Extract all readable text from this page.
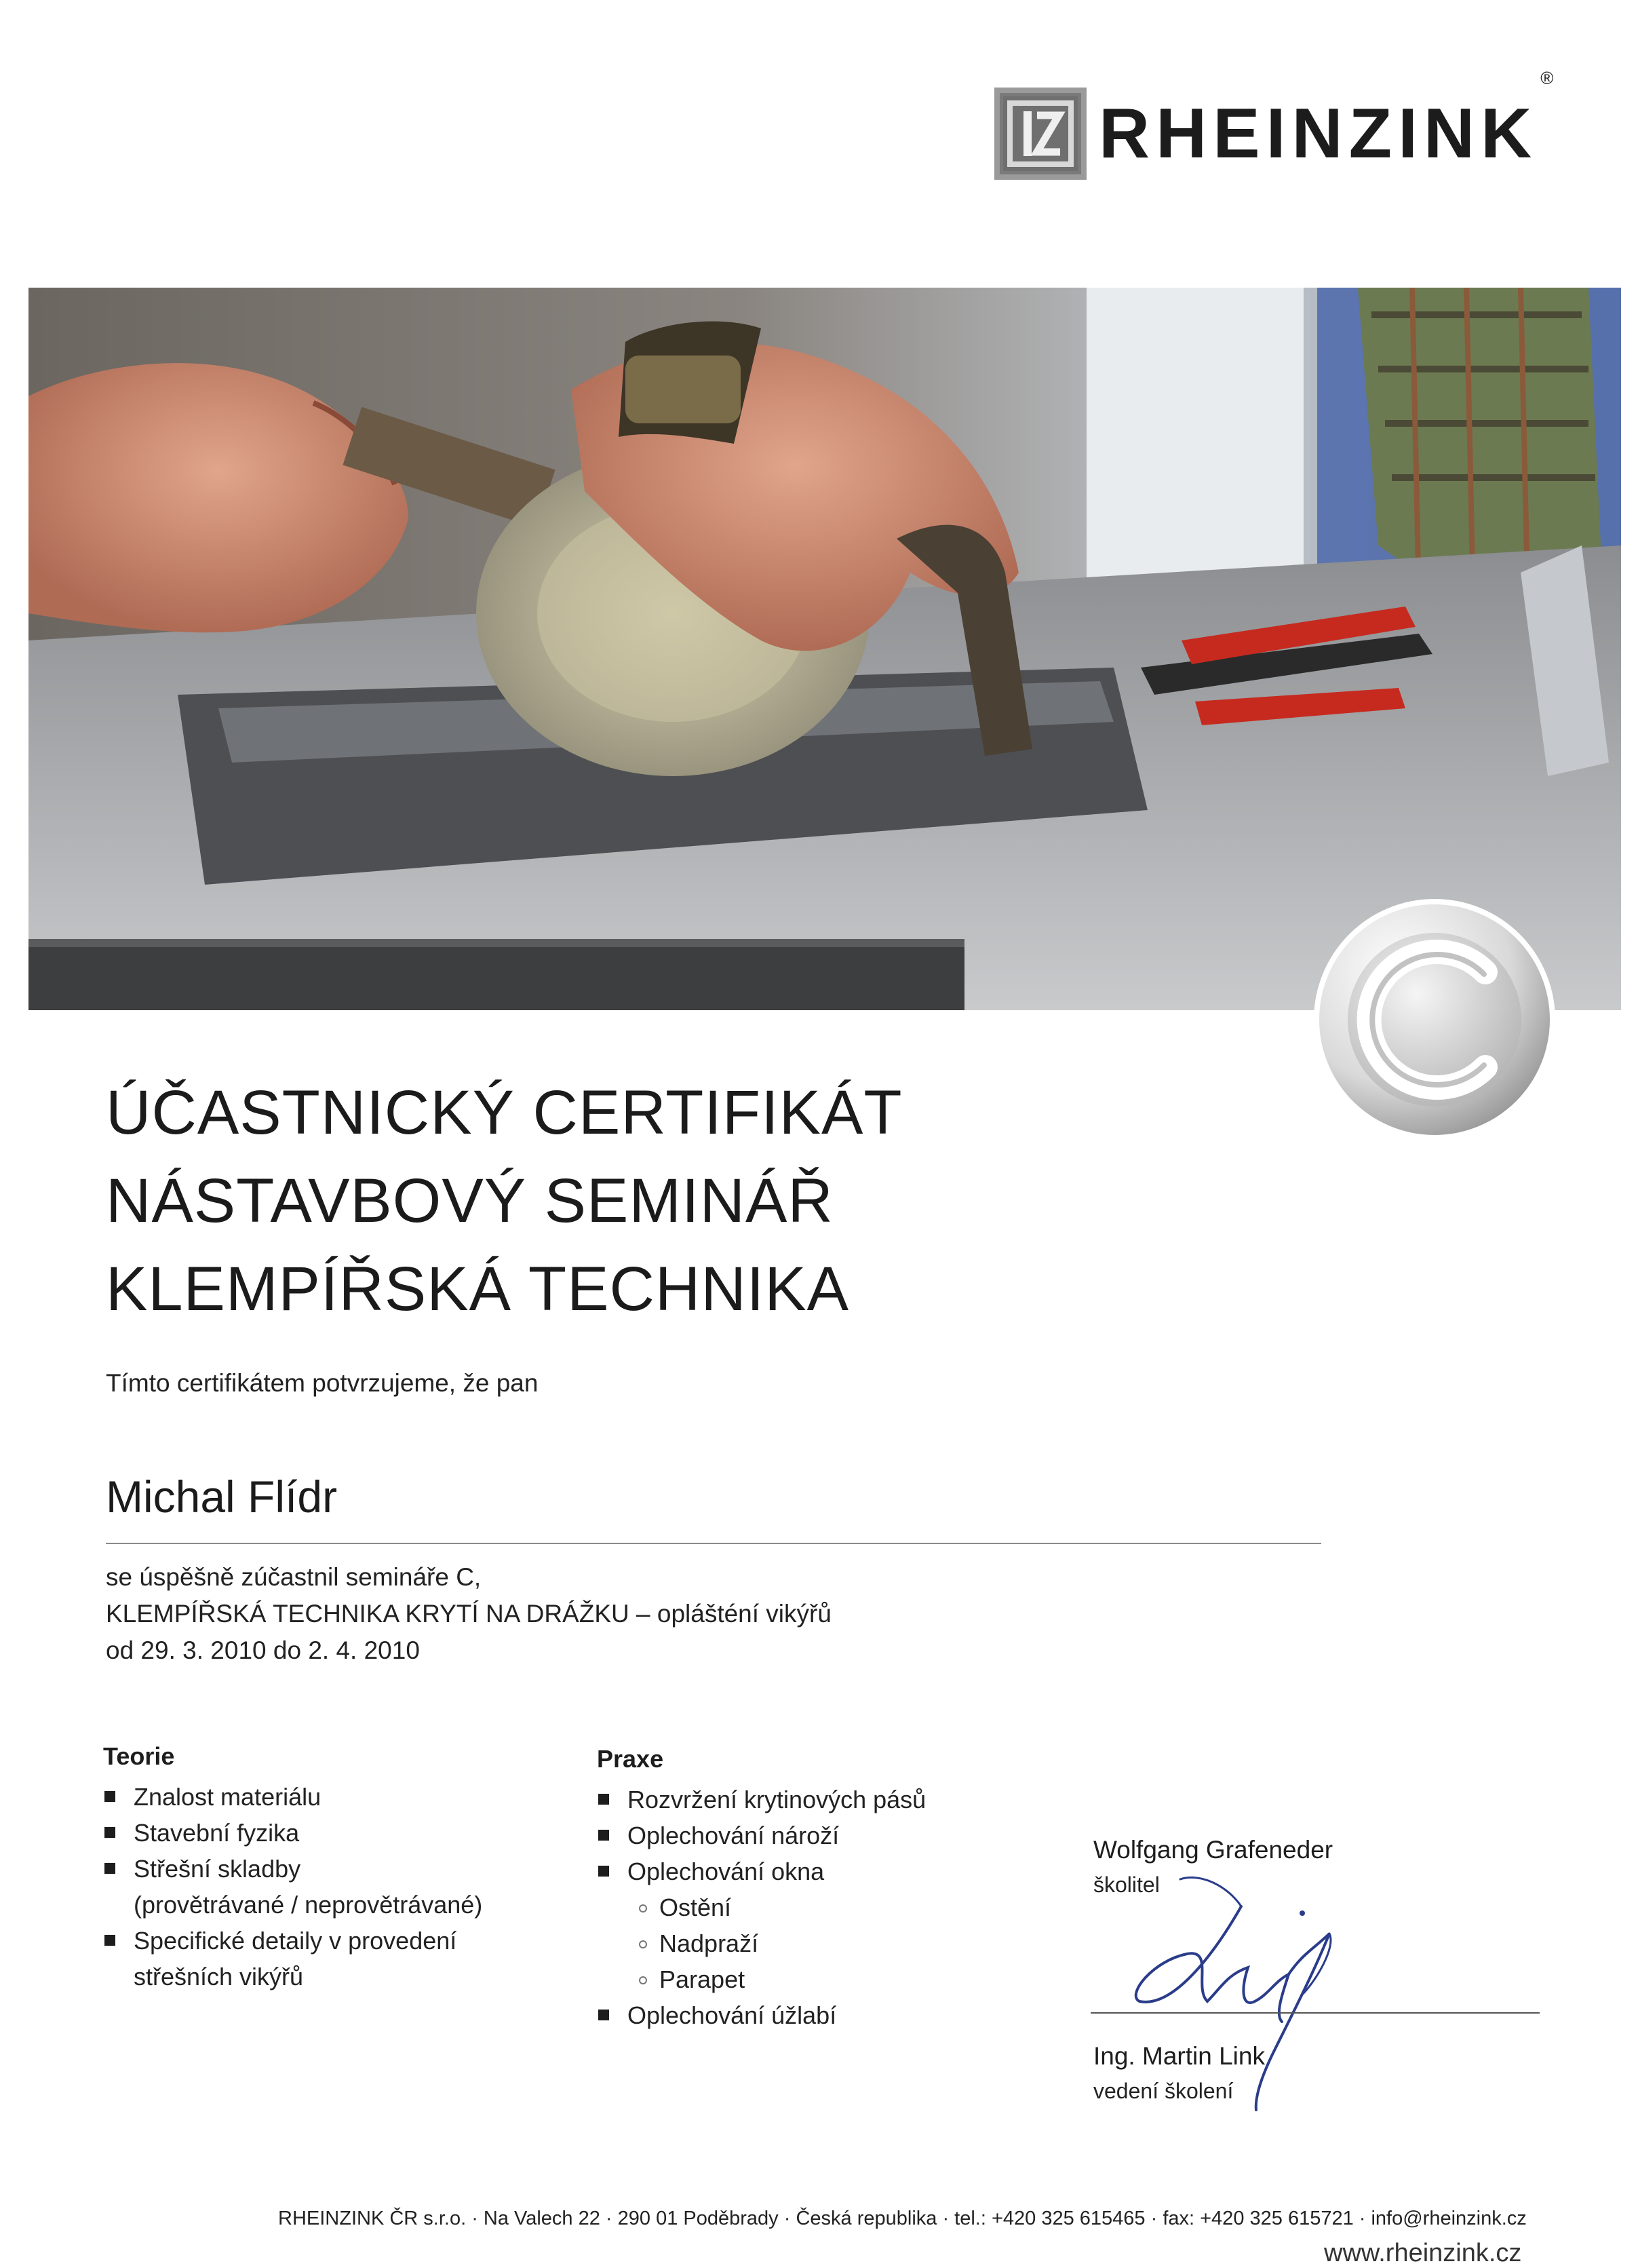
RHEINZINK®
ÚČASTNICKÝ CERTIFIKÁT
NÁSTAVBOVÝ SEMINÁŘ
KLEMPÍŘSKÁ TECHNIKA
Tímto certifikátem potvrzujeme, že pan
Michal Flídr
se úspěšně zúčastnil semináře C,
KLEMPÍŘSKÁ TECHNIKA KRYTÍ NA DRÁŽKU – oplášténí vikýřů
od 29. 3. 2010 do 2. 4. 2010
Teorie
Znalost materiálu
Stavební fyzika
Střešní skladby
(provětrávané / neprovětrávané)
Specifické detaily v provedení
střešních vikýřů
Praxe
Rozvržení krytinových pásů
Oplechování nároží
Oplechování okna
Ostění
Nadpraží
Parapet
Oplechování úžlabí
Wolfgang Grafeneder
školitel
Ing. Martin Link
vedení školení
RHEINZINK ČR s.r.o. · Na Valech 22 · 290 01 Poděbrady · Česká republika · tel.: +420 325 615465 · fax: +420 325 615721 · info@rheinzink.cz
www.rheinzink.cz
